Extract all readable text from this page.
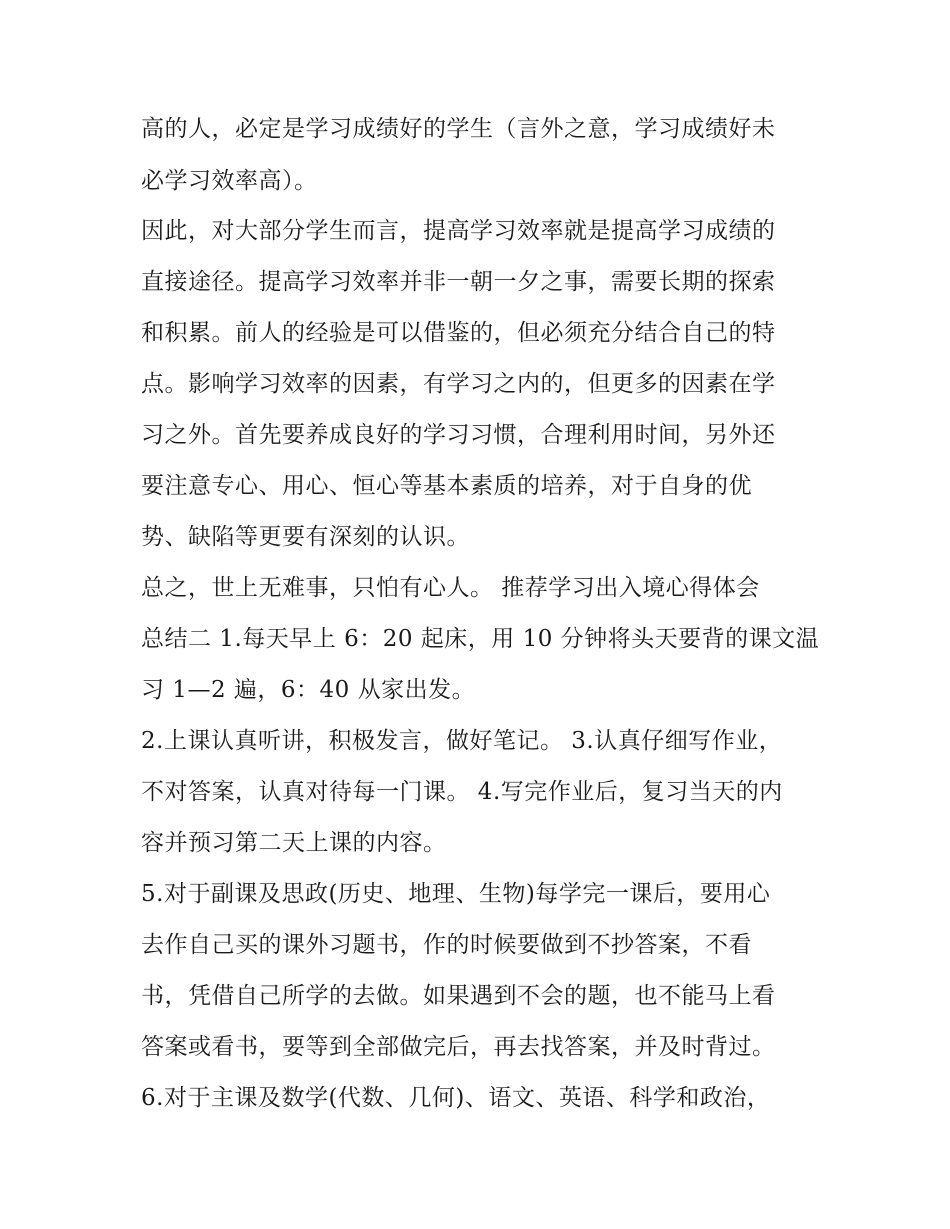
高的人，必定是学习成绩好的学生（言外之意，学习成绩好未
必学习效率高）。
因此，对大部分学生而言，提高学习效率就是提高学习成绩的
直接途径。提高学习效率并非一朝一夕之事，需要长期的探索
和积累。前人的经验是可以借鉴的，但必须充分结合自己的特
点。影响学习效率的因素，有学习之内的，但更多的因素在学
习之外。首先要养成良好的学习习惯，合理利用时间，另外还
要注意专心、用心、恒心等基本素质的培养，对于自身的优
势、缺陷等更要有深刻的认识。
总之，世上无难事，只怕有心人。 推荐学习出入境心得体会
总结二 1.每天早上 6：20 起床，用 10 分钟将头天要背的课文温
习 1—2 遍，6：40 从家出发。
2.上课认真听讲，积极发言，做好笔记。 3.认真仔细写作业，
不对答案，认真对待每一门课。 4.写完作业后，复习当天的内
容并预习第二天上课的内容。
5.对于副课及思政(历史、地理、生物)每学完一课后，要用心
去作自己买的课外习题书，作的时候要做到不抄答案，不看
书，凭借自己所学的去做。如果遇到不会的题，也不能马上看
答案或看书，要等到全部做完后，再去找答案，并及时背过。
6.对于主课及数学(代数、几何)、语文、英语、科学和政治，
